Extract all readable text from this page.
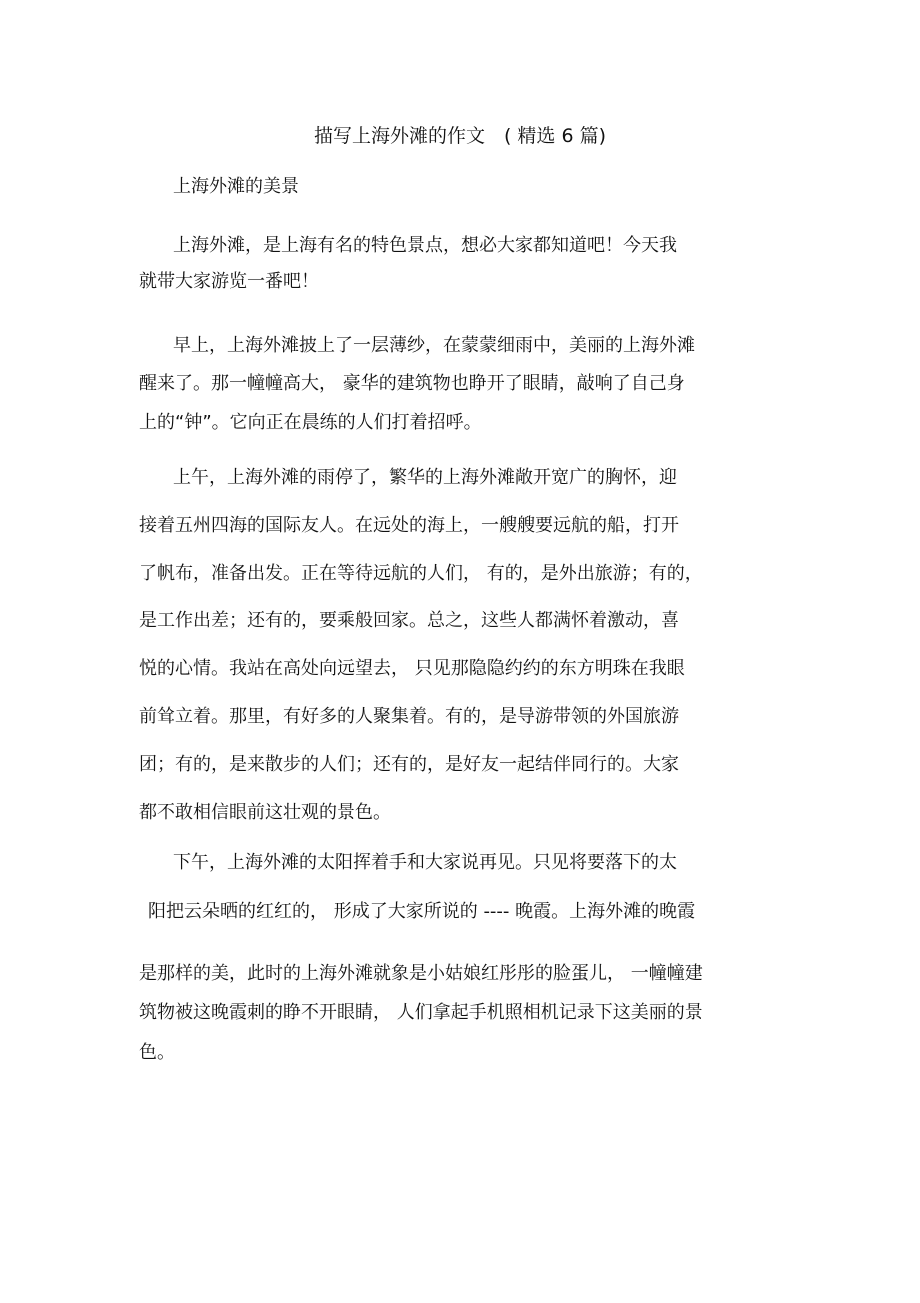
描写上海外滩的作文　( 精选 6 篇)
上海外滩的美景
上海外滩，是上海有名的特色景点，想必大家都知道吧！今天我
就带大家游览一番吧！
早上，上海外滩披上了一层薄纱，在蒙蒙细雨中，美丽的上海外滩
醒来了。那一幢幢高大， 豪华的建筑物也睁开了眼睛，敲响了自己身
上的“钟”。它向正在晨练的人们打着招呼。
上午，上海外滩的雨停了，繁华的上海外滩敞开宽广的胸怀，迎
接着五州四海的国际友人。在远处的海上，一艘艘要远航的船，打开
了帆布，准备出发。正在等待远航的人们， 有的，是外出旅游；有的，
是工作出差；还有的，要乘般回家。总之，这些人都满怀着激动，喜
悦的心情。我站在高处向远望去， 只见那隐隐约约的东方明珠在我眼
前耸立着。那里，有好多的人聚集着。有的，是导游带领的外国旅游
团；有的，是来散步的人们；还有的，是好友一起结伴同行的。大家
都不敢相信眼前这壮观的景色。
下午，上海外滩的太阳挥着手和大家说再见。只见将要落下的太
阳把云朵晒的红红的， 形成了大家所说的 ---- 晚霞。上海外滩的晚霞
是那样的美，此时的上海外滩就象是小姑娘红彤彤的脸蛋儿， 一幢幢建
筑物被这晚霞刺的睁不开眼睛， 人们拿起手机照相机记录下这美丽的景
色。
